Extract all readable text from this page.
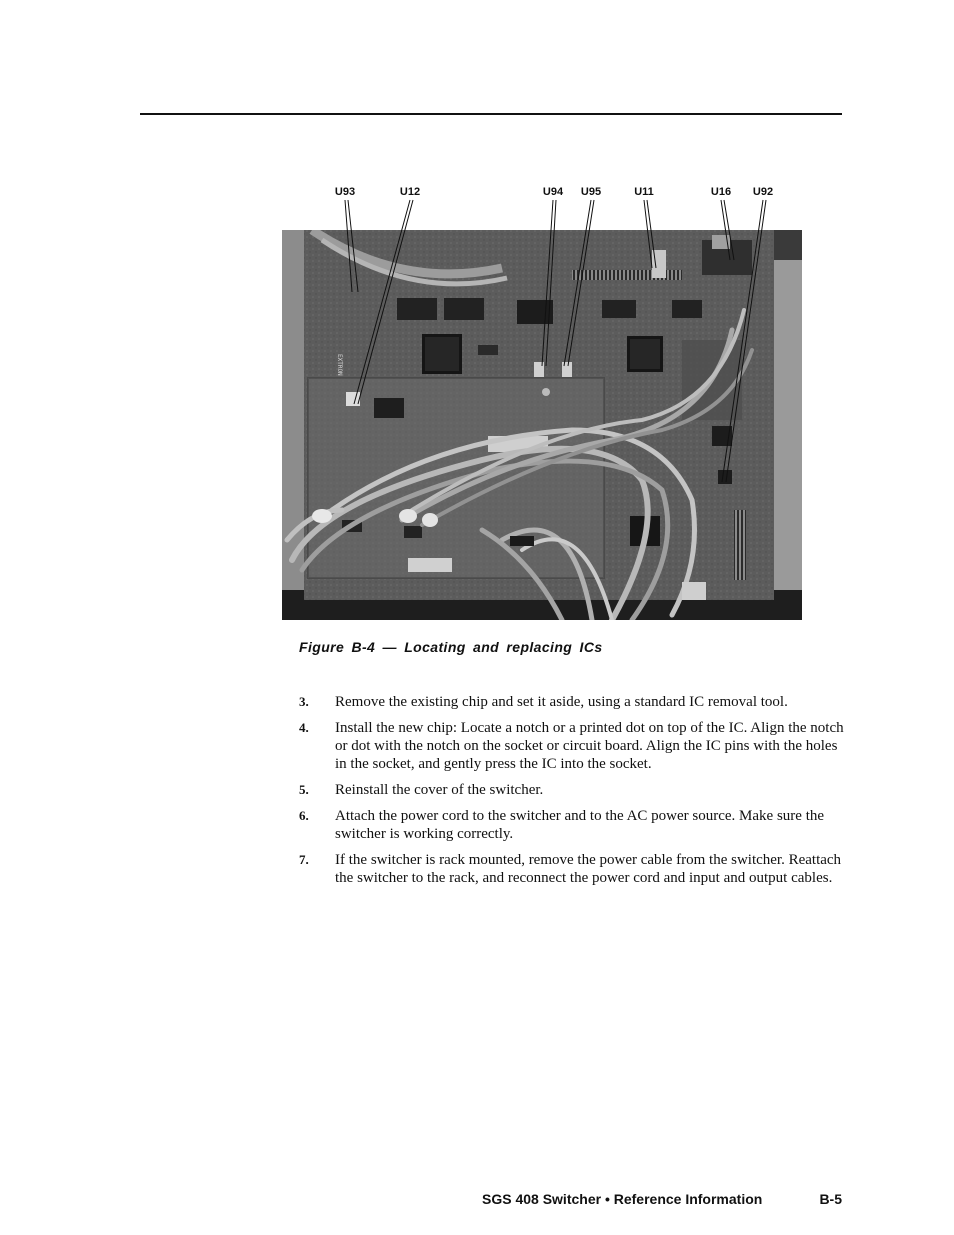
U93	U12	U94 U95	U11	U16 U92
Figure B-4 — Locating and replacing ICs
3. Remove the existing chip and set it aside, using a standard IC removal tool.
4. Install the new chip: Locate a notch or a printed dot on top of the IC. Align the notch or dot with the notch on the socket or circuit board. Align the IC pins with the holes in the socket, and gently press the IC into the socket.
5. Reinstall the cover of the switcher.
6. Attach the power cord to the switcher and to the AC power source. Make sure the switcher is working correctly.
7. If the switcher is rack mounted, remove the power cable from the switcher. Reattach the switcher to the rack, and reconnect the power cord and input and output cables.
SGS 408 Switcher • Reference Information	B-5
